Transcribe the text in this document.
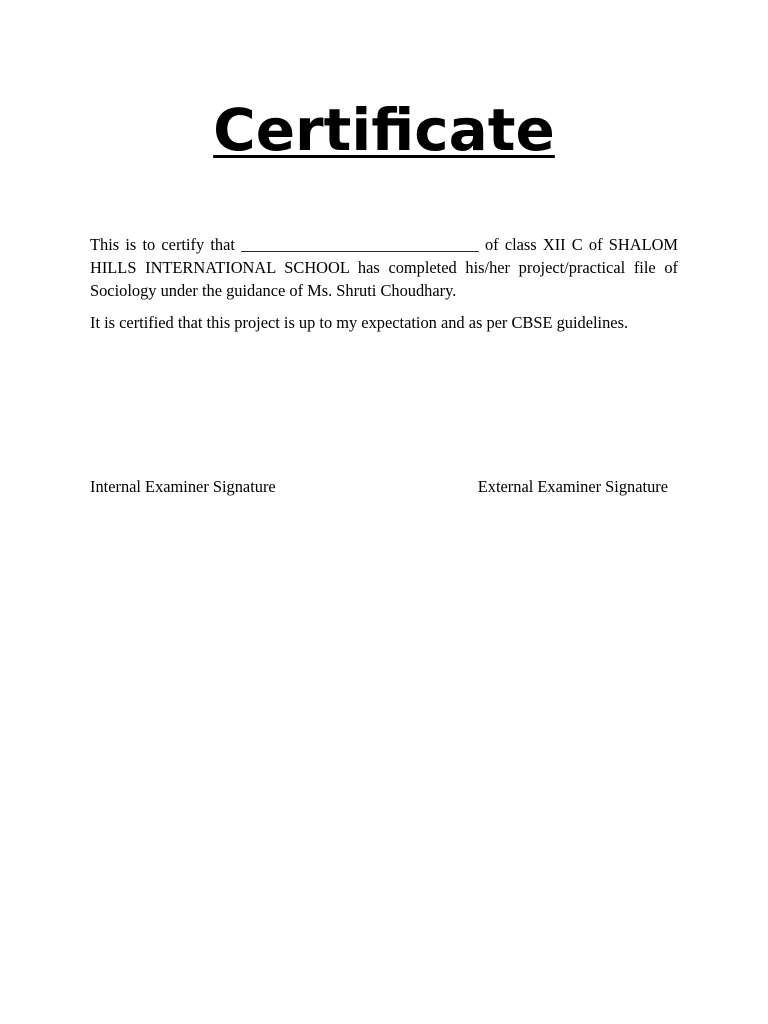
Certificate

This is to certify that _____________________________ of class XII C of SHALOM HILLS INTERNATIONAL SCHOOL has completed his/her project/practical file of Sociology under the guidance of Ms. Shruti Choudhary.

It is certified that this project is up to my expectation and as per CBSE guidelines.

Internal Examiner Signature	External Examiner Signature
